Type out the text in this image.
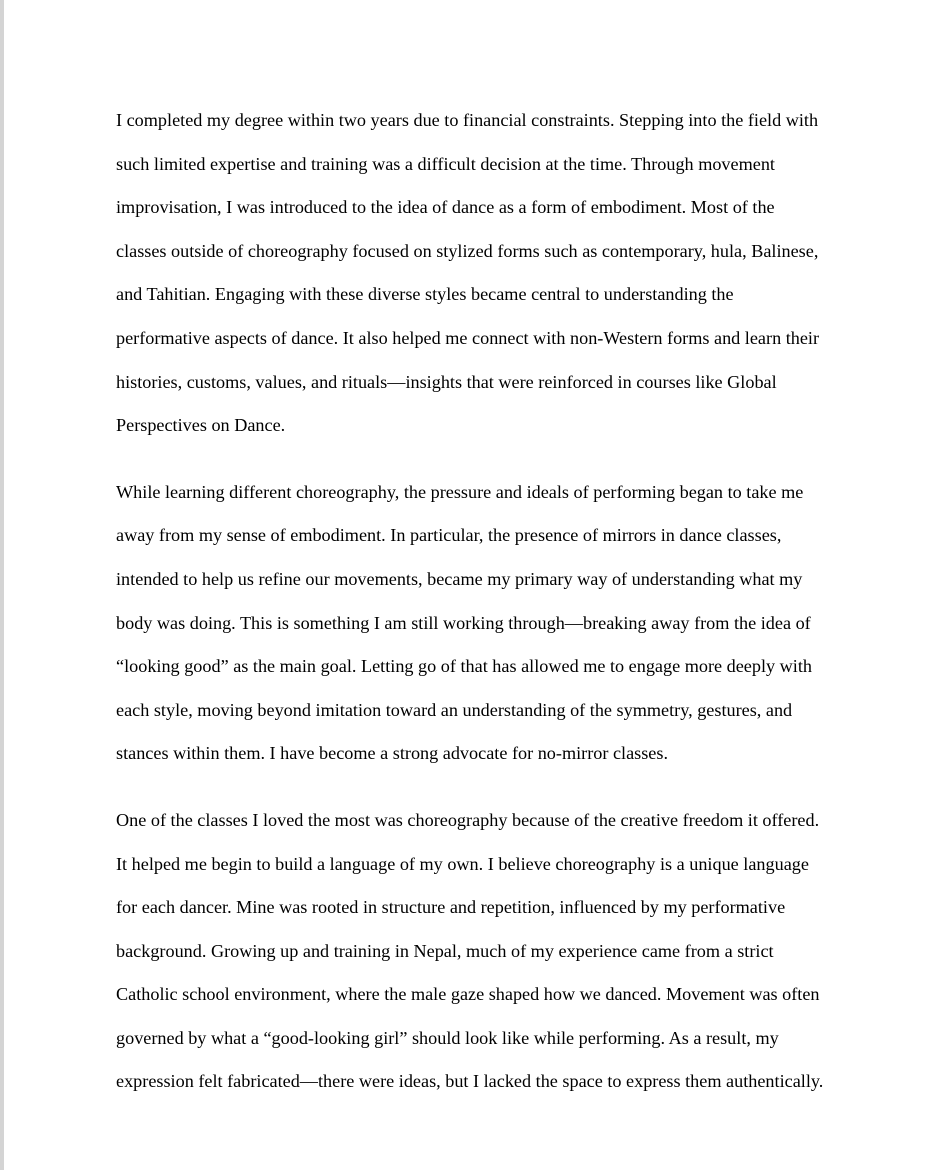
I completed my degree within two years due to financial constraints. Stepping into the field with
such limited expertise and training was a difficult decision at the time. Through movement
improvisation, I was introduced to the idea of dance as a form of embodiment. Most of the
classes outside of choreography focused on stylized forms such as contemporary, hula, Balinese,
and Tahitian. Engaging with these diverse styles became central to understanding the
performative aspects of dance. It also helped me connect with non-Western forms and learn their
histories, customs, values, and rituals—insights that were reinforced in courses like Global
Perspectives on Dance.

While learning different choreography, the pressure and ideals of performing began to take me
away from my sense of embodiment. In particular, the presence of mirrors in dance classes,
intended to help us refine our movements, became my primary way of understanding what my
body was doing. This is something I am still working through—breaking away from the idea of
“looking good” as the main goal. Letting go of that has allowed me to engage more deeply with
each style, moving beyond imitation toward an understanding of the symmetry, gestures, and
stances within them. I have become a strong advocate for no-mirror classes.

One of the classes I loved the most was choreography because of the creative freedom it offered.
It helped me begin to build a language of my own. I believe choreography is a unique language
for each dancer. Mine was rooted in structure and repetition, influenced by my performative
background. Growing up and training in Nepal, much of my experience came from a strict
Catholic school environment, where the male gaze shaped how we danced. Movement was often
governed by what a “good-looking girl” should look like while performing. As a result, my
expression felt fabricated—there were ideas, but I lacked the space to express them authentically.
